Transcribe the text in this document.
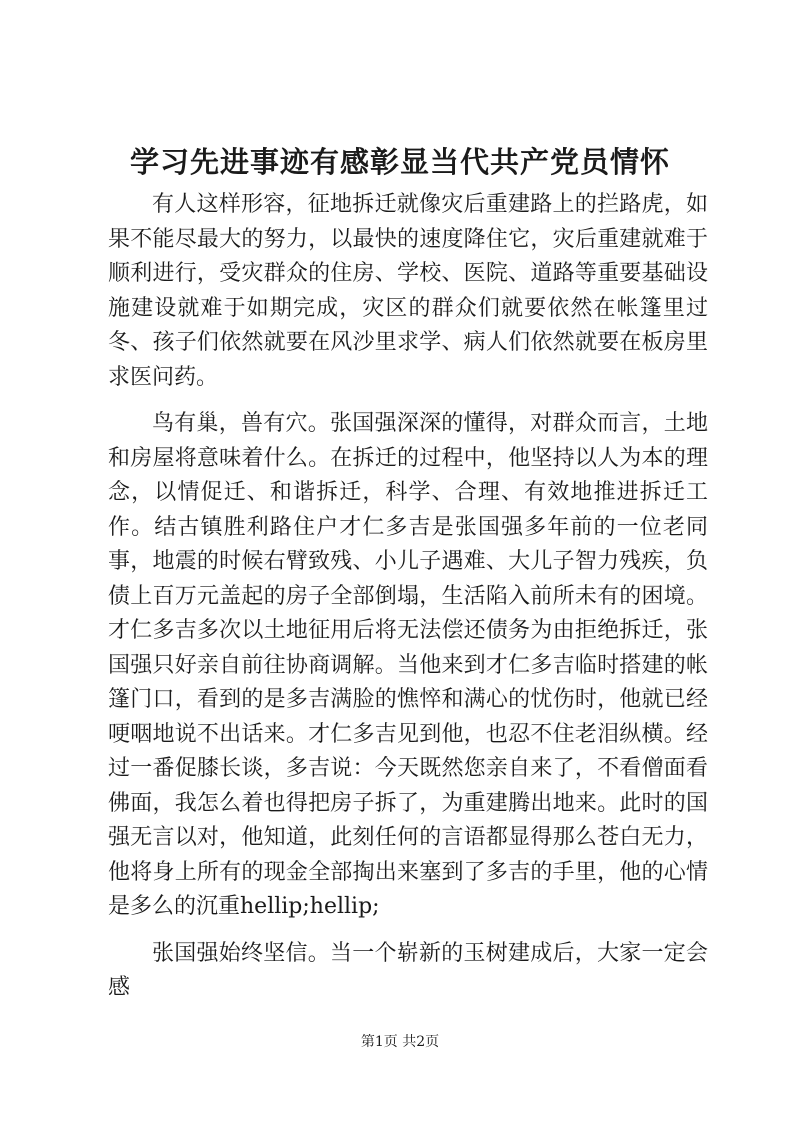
学习先进事迹有感彰显当代共产党员情怀

有人这样形容，征地拆迁就像灾后重建路上的拦路虎，如果不能尽最大的努力，以最快的速度降住它，灾后重建就难于顺利进行，受灾群众的住房、学校、医院、道路等重要基础设施建设就难于如期完成，灾区的群众们就要依然在帐篷里过冬、孩子们依然就要在风沙里求学、病人们依然就要在板房里求医问药。

鸟有巢，兽有穴。张国强深深的懂得，对群众而言，土地和房屋将意味着什么。在拆迁的过程中，他坚持以人为本的理念，以情促迁、和谐拆迁，科学、合理、有效地推进拆迁工作。结古镇胜利路住户才仁多吉是张国强多年前的一位老同事，地震的时候右臂致残、小儿子遇难、大儿子智力残疾，负债上百万元盖起的房子全部倒塌，生活陷入前所未有的困境。才仁多吉多次以土地征用后将无法偿还债务为由拒绝拆迁，张国强只好亲自前往协商调解。当他来到才仁多吉临时搭建的帐篷门口，看到的是多吉满脸的憔悴和满心的忧伤时，他就已经哽咽地说不出话来。才仁多吉见到他，也忍不住老泪纵横。经过一番促膝长谈，多吉说：今天既然您亲自来了，不看僧面看佛面，我怎么着也得把房子拆了，为重建腾出地来。此时的国强无言以对，他知道，此刻任何的言语都显得那么苍白无力，他将身上所有的现金全部掏出来塞到了多吉的手里，他的心情是多么的沉重hellip;hellip;

张国强始终坚信。当一个崭新的玉树建成后，大家一定会感

第1页 共2页
